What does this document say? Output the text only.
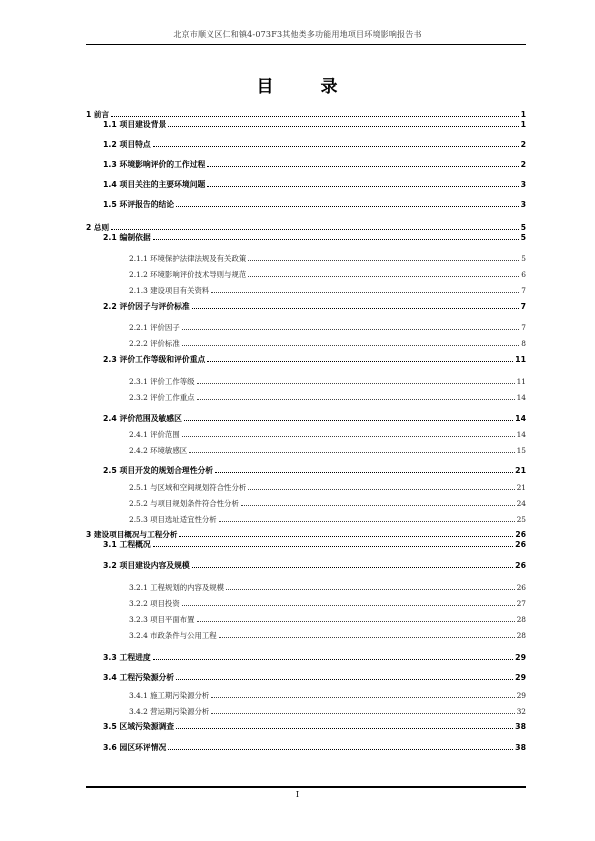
北京市顺义区仁和镇4-073F3其他类多功能用地项目环境影响报告书
目	录
1 前言	1
1.1 项目建设背景	1
1.2 项目特点	2
1.3 环境影响评价的工作过程	2
1.4 项目关注的主要环境问题	3
1.5 环评报告的结论	3
2 总则	5
2.1 编制依据	5
2.1.1 环境保护法律法规及有关政策	5
2.1.2 环境影响评价技术导则与规范	6
2.1.3 建设项目有关资料	7
2.2 评价因子与评价标准	7
2.2.1 评价因子	7
2.2.2 评价标准	8
2.3 评价工作等级和评价重点	11
2.3.1 评价工作等级	11
2.3.2 评价工作重点	14
2.4 评价范围及敏感区	14
2.4.1 评价范围	14
2.4.2 环境敏感区	15
2.5 项目开发的规划合理性分析	21
2.5.1 与区域和空间规划符合性分析	21
2.5.2 与项目规划条件符合性分析	24
2.5.3 项目选址适宜性分析	25
3 建设项目概况与工程分析	26
3.1 工程概况	26
3.2 项目建设内容及规模	26
3.2.1 工程规划的内容及规模	26
3.2.2 项目投资	27
3.2.3 项目平面布置	28
3.2.4 市政条件与公用工程	28
3.3 工程进度	29
3.4 工程污染源分析	29
3.4.1 施工期污染源分析	29
3.4.2 营运期污染源分析	32
3.5 区域污染源调查	38
3.6 园区环评情况	38
I
